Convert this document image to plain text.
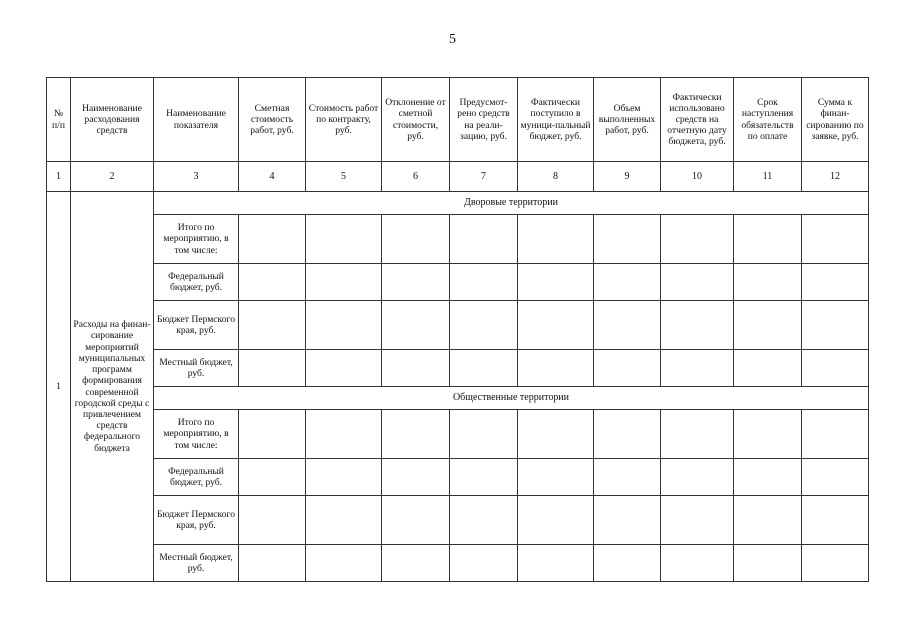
5
№ п/п	Наименование расходования средств	Наименование показателя	Сметная стоимость работ, руб.	Стоимость работ по контракту, руб.	Отклонение от сметной стоимости, руб.	Предусмот-рено средств на реали-зацию, руб.	Фактически поступило в муници-пальный бюджет, руб.	Объем выполненных работ, руб.	Фактически использовано средств на отчетную дату бюджета, руб.	Срок наступления обязательств по оплате	Сумма к финан-сированию по заявке, руб.
1	2	3	4	5	6	7	8	9	10	11	12
1	Расходы на финан-сирование мероприятий муниципальных программ формирования современной городской среды с привлечением средств федерального бюджета	Дворовые территории									
		Итого по мероприятию, в том числе:									
		Федеральный бюджет, руб.									
		Бюджет Пермского края, руб.									
		Местный бюджет, руб.									
		Общественные территории									
		Итого по мероприятию, в том числе:									
		Федеральный бюджет, руб.									
		Бюджет Пермского края, руб.									
		Местный бюджет, руб.									
